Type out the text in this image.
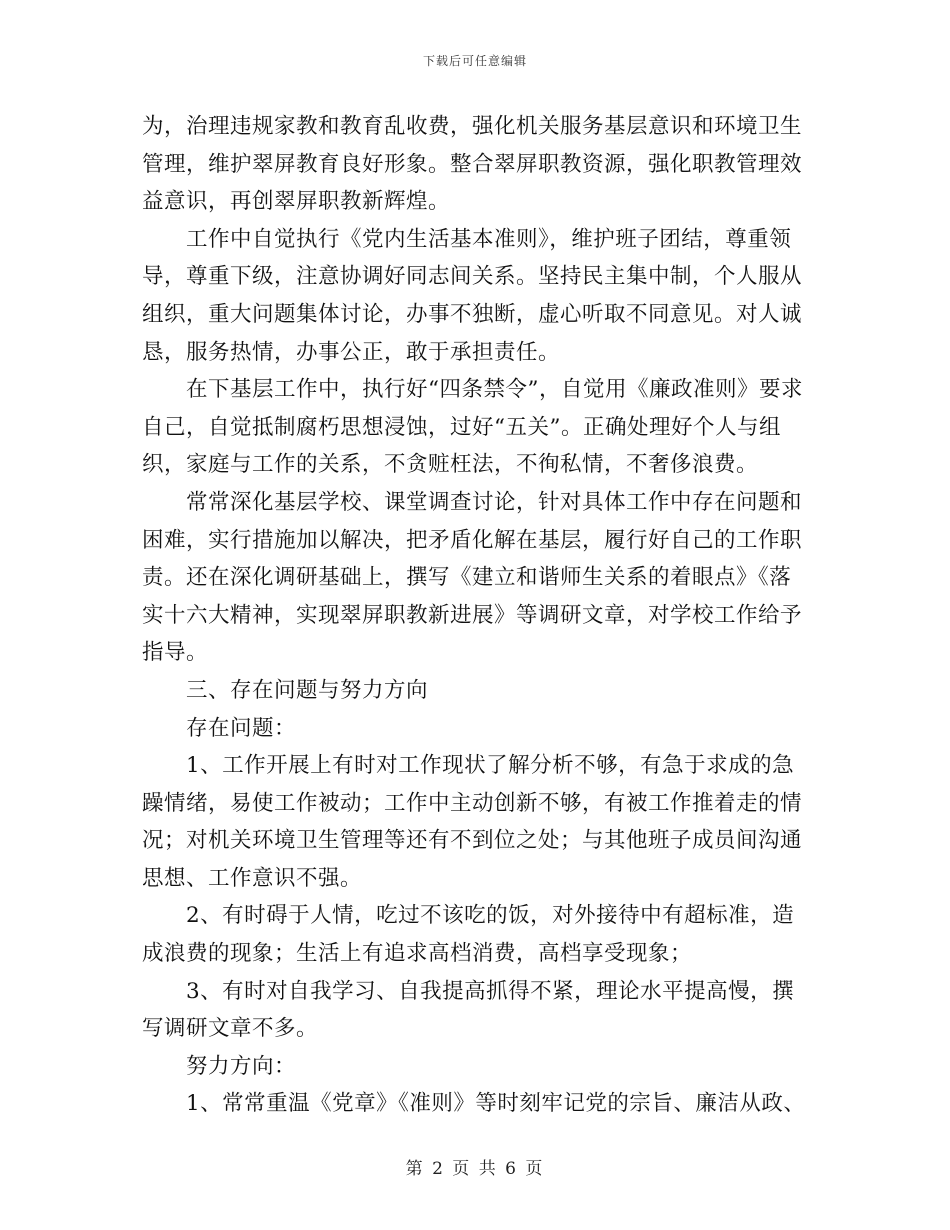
下载后可任意编辑

为，治理违规家教和教育乱收费，强化机关服务基层意识和环境卫生管理，维护翠屏教育良好形象。整合翠屏职教资源，强化职教管理效益意识，再创翠屏职教新辉煌。

工作中自觉执行《党内生活基本准则》，维护班子团结，尊重领导，尊重下级，注意协调好同志间关系。坚持民主集中制，个人服从组织，重大问题集体讨论，办事不独断，虚心听取不同意见。对人诚恳，服务热情，办事公正，敢于承担责任。

在下基层工作中，执行好“四条禁令”，自觉用《廉政准则》要求自己，自觉抵制腐朽思想浸蚀，过好“五关”。正确处理好个人与组织，家庭与工作的关系，不贪赃枉法，不徇私情，不奢侈浪费。

常常深化基层学校、课堂调查讨论，针对具体工作中存在问题和困难，实行措施加以解决，把矛盾化解在基层，履行好自己的工作职责。还在深化调研基础上，撰写《建立和谐师生关系的着眼点》《落实十六大精神，实现翠屏职教新进展》等调研文章，对学校工作给予指导。

三、存在问题与努力方向

存在问题：

1、工作开展上有时对工作现状了解分析不够，有急于求成的急躁情绪，易使工作被动；工作中主动创新不够，有被工作推着走的情况；对机关环境卫生管理等还有不到位之处；与其他班子成员间沟通思想、工作意识不强。

2、有时碍于人情，吃过不该吃的饭，对外接待中有超标准，造成浪费的现象；生活上有追求高档消费，高档享受现象；

3、有时对自我学习、自我提高抓得不紧，理论水平提高慢，撰写调研文章不多。

努力方向：

1、常常重温《党章》《准则》等时刻牢记党的宗旨、廉洁从政、

第 2 页 共 6 页
